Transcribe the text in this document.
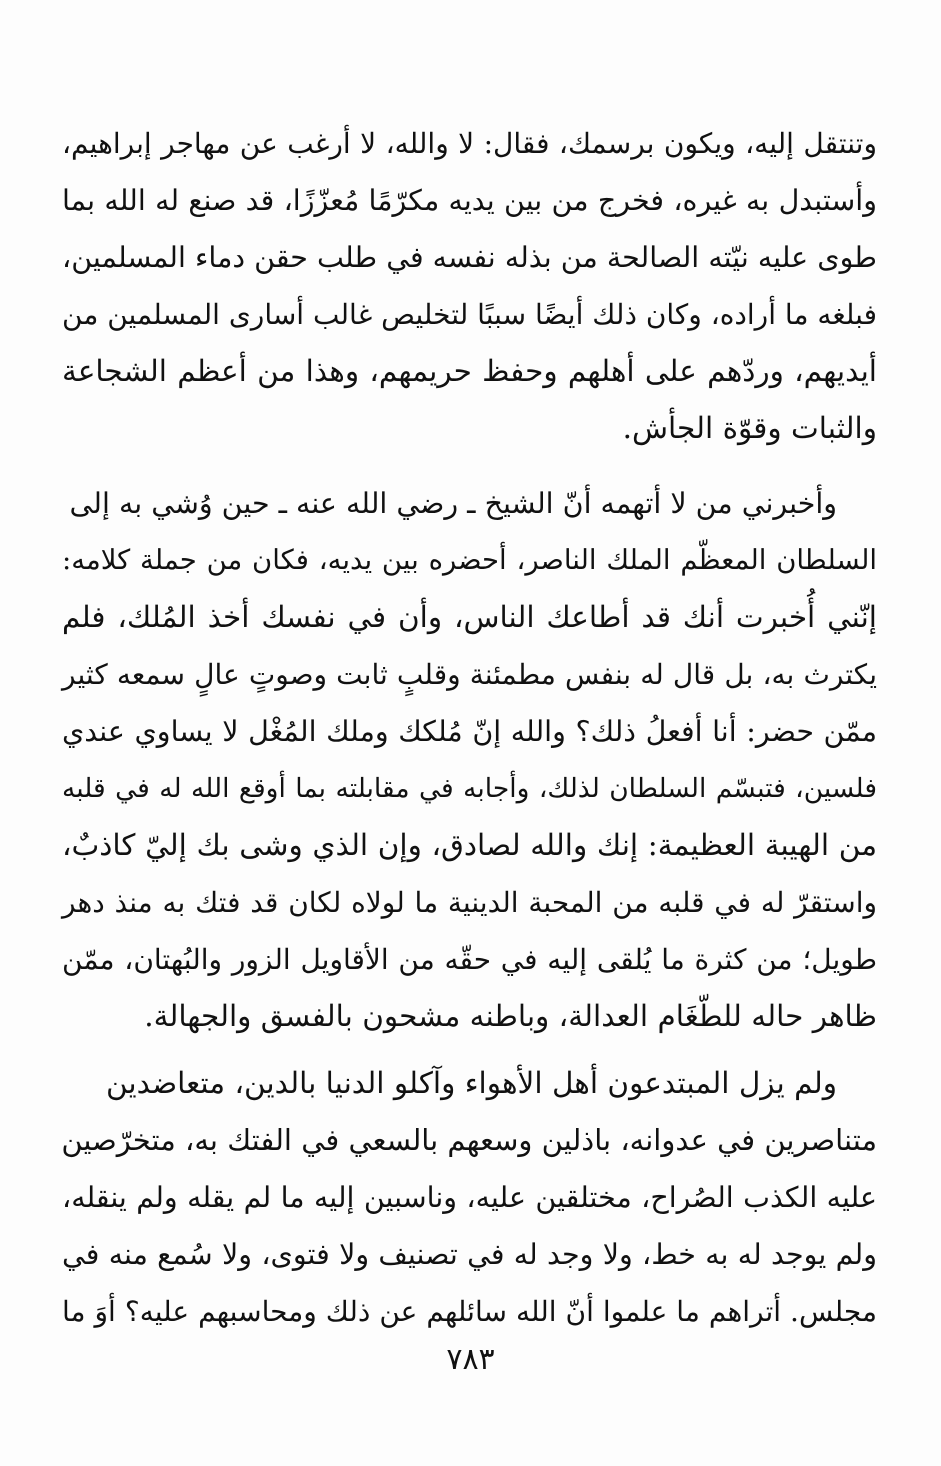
وتنتقل إليه، ويكون برسمك، فقال: لا والله، لا أرغب عن مهاجر إبراهيم،
وأستبدل به غيره، فخرج من بين يديه مكرّمًا مُعزّزًا، قد صنع له الله بما
طوى عليه نيّته الصالحة من بذله نفسه في طلب حقن دماء المسلمين،
فبلغه ما أراده، وكان ذلك أيضًا سببًا لتخليص غالب أسارى المسلمين من
أيديهم، وردّهم على أهلهم وحفظ حريمهم، وهذا من أعظم الشجاعة
والثبات وقوّة الجأش.
وأخبرني من لا أتهمه أنّ الشيخ ـ رضي الله عنه ـ حين وُشي به إلى
السلطان المعظّم الملك الناصر، أحضره بين يديه، فكان من جملة كلامه:
إنّني أُخبرت أنك قد أطاعك الناس، وأن في نفسك أخذ المُلك، فلم
يكترث به، بل قال له بنفس مطمئنة وقلبٍ ثابت وصوتٍ عالٍ سمعه كثير
ممّن حضر: أنا أفعلُ ذلك؟ والله إنّ مُلكك وملك المُغْل لا يساوي عندي
فلسين، فتبسّم السلطان لذلك، وأجابه في مقابلته بما أوقع الله له في قلبه
من الهيبة العظيمة: إنك والله لصادق، وإن الذي وشى بك إليّ كاذبٌ،
واستقرّ له في قلبه من المحبة الدينية ما لولاه لكان قد فتك به منذ دهر
طويل؛ من كثرة ما يُلقى إليه في حقّه من الأقاويل الزور والبُهتان، ممّن
ظاهر حاله للطّغَام العدالة، وباطنه مشحون بالفسق والجهالة.
ولم يزل المبتدعون أهل الأهواء وآكلو الدنيا بالدين، متعاضدين
متناصرين في عدوانه، باذلين وسعهم بالسعي في الفتك به، متخرّصين
عليه الكذب الصُراح، مختلقين عليه، وناسبين إليه ما لم يقله ولم ينقله،
ولم يوجد له به خط، ولا وجد له في تصنيف ولا فتوى، ولا سُمع منه في
مجلس. أتراهم ما علموا أنّ الله سائلهم عن ذلك ومحاسبهم عليه؟ أوَ ما
٧٨٣
